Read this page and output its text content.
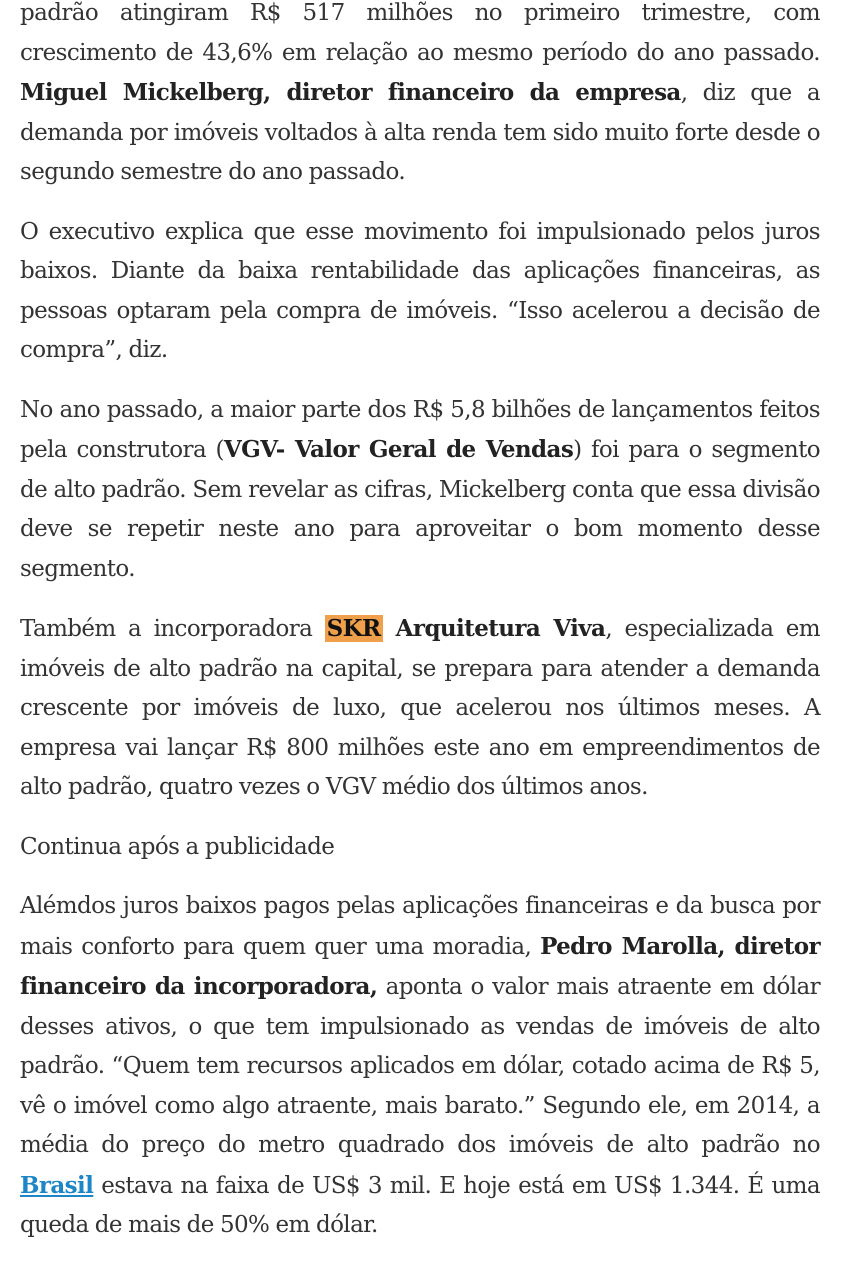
padrão atingiram R$ 517 milhões no primeiro trimestre, com crescimento de 43,6% em relação ao mesmo período do ano passado. Miguel Mickelberg, diretor financeiro da empresa, diz que a demanda por imóveis voltados à alta renda tem sido muito forte desde o segundo semestre do ano passado.

O executivo explica que esse movimento foi impulsionado pelos juros baixos. Diante da baixa rentabilidade das aplicações financeiras, as pessoas optaram pela compra de imóveis. “Isso acelerou a decisão de compra”, diz.

No ano passado, a maior parte dos R$ 5,8 bilhões de lançamentos feitos pela construtora (VGV- Valor Geral de Vendas) foi para o segmento de alto padrão. Sem revelar as cifras, Mickelberg conta que essa divisão deve se repetir neste ano para aproveitar o bom momento desse segmento.

Também a incorporadora SKR Arquitetura Viva, especializada em imóveis de alto padrão na capital, se prepara para atender a demanda crescente por imóveis de luxo, que acelerou nos últimos meses. A empresa vai lançar R$ 800 milhões este ano em empreendimentos de alto padrão, quatro vezes o VGV médio dos últimos anos.

Continua após a publicidade

Alémdos juros baixos pagos pelas aplicações financeiras e da busca por mais conforto para quem quer uma moradia, Pedro Marolla, diretor financeiro da incorporadora, aponta o valor mais atraente em dólar desses ativos, o que tem impulsionado as vendas de imóveis de alto padrão. “Quem tem recursos aplicados em dólar, cotado acima de R$ 5, vê o imóvel como algo atraente, mais barato.” Segundo ele, em 2014, a média do preço do metro quadrado dos imóveis de alto padrão no Brasil estava na faixa de US$ 3 mil. E hoje está em US$ 1.344. É uma queda de mais de 50% em dólar.
